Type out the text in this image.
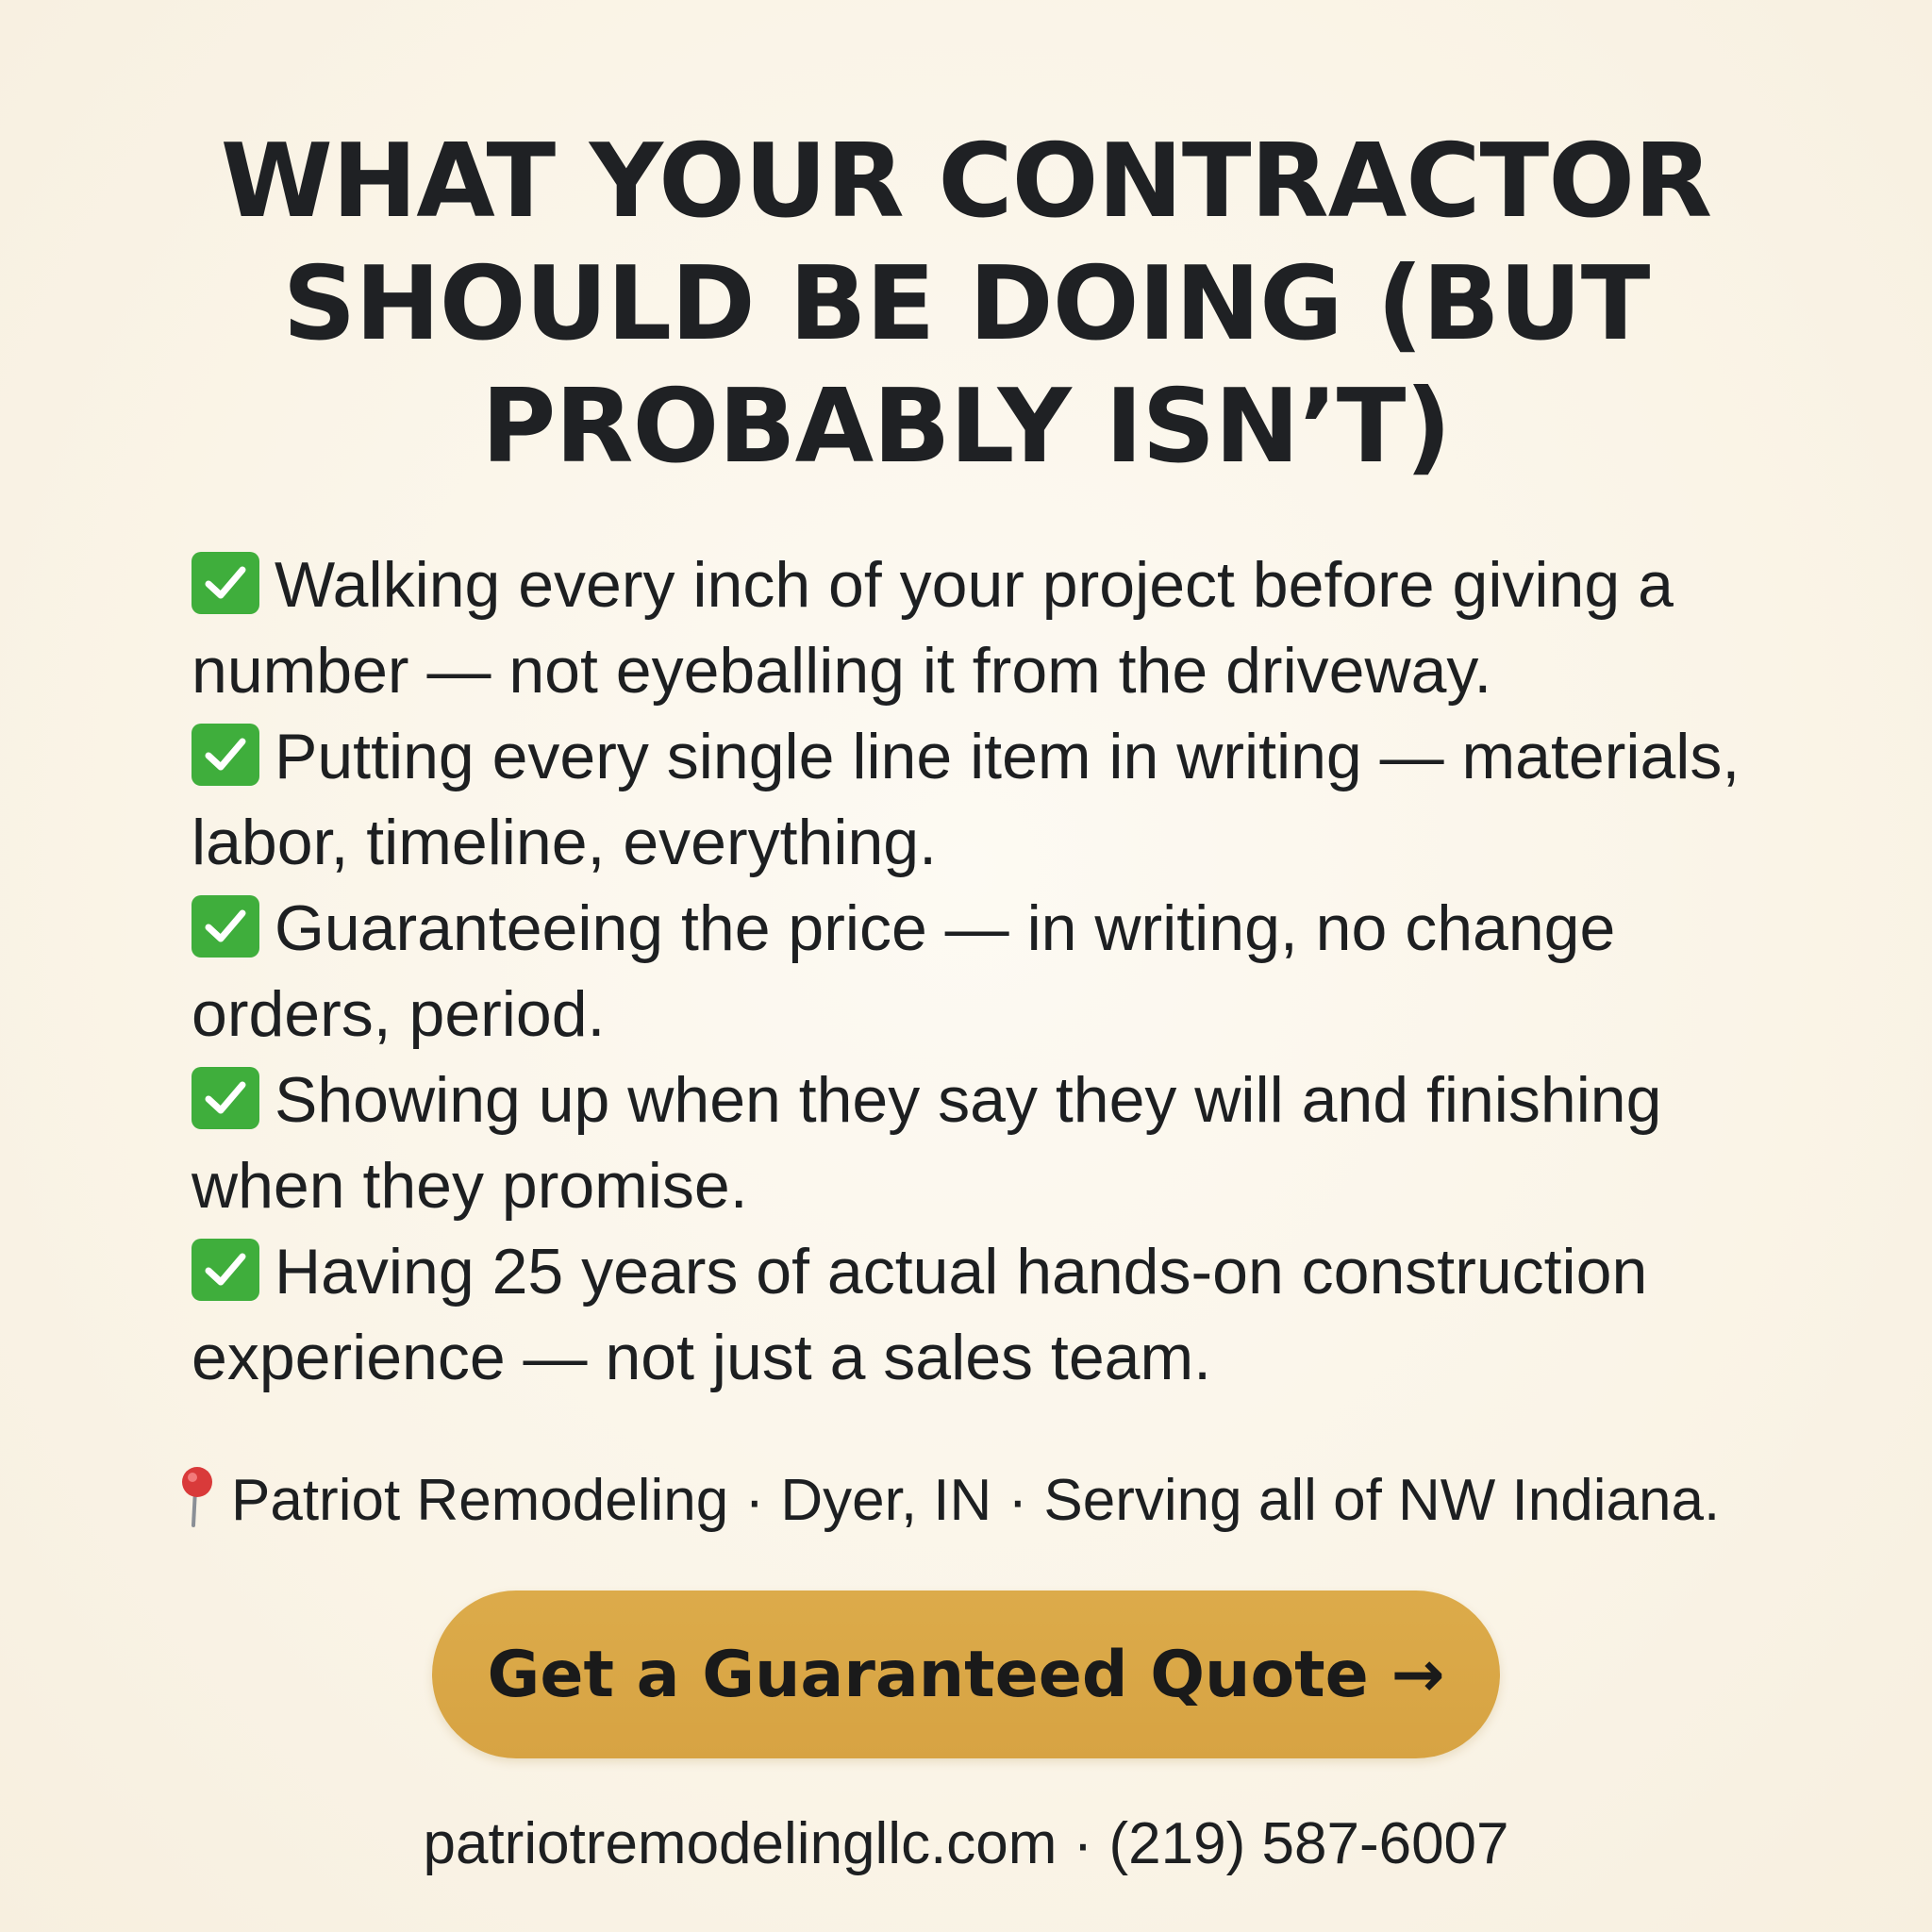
WHAT YOUR CONTRACTOR SHOULD BE DOING (BUT PROBABLY ISN’T)
Walking every inch of your project before giving a number — not eyeballing it from the driveway.
Putting every single line item in writing — materials, labor, timeline, everything.
Guaranteeing the price — in writing, no change orders, period.
Showing up when they say they will and finishing when they promise.
Having 25 years of actual hands-on construction experience — not just a sales team.

Patriot Remodeling · Dyer, IN · Serving all of NW Indiana.

Get a Guaranteed Quote →

patriotremodelingllc.com · (219) 587-6007
